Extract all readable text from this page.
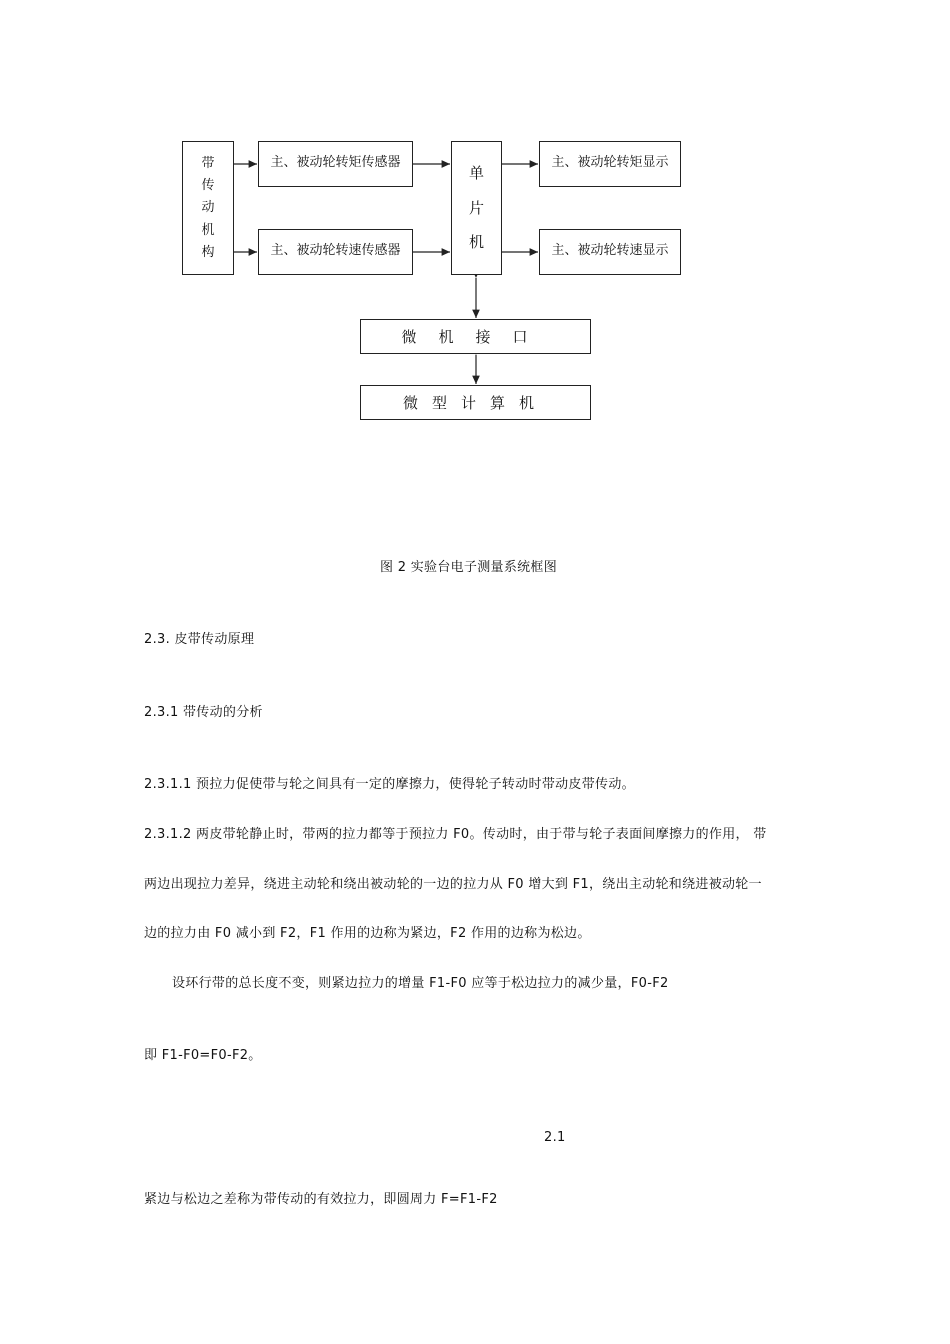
带
传
动
机
构
主、被动轮转矩传感器
主、被动轮转速传感器
单
片
机
主、被动轮转矩显示
主、被动轮转速显示
微机接口
微型计算机
图 2 实验台电子测量系统框图
2.3. 皮带传动原理
2.3.1 带传动的分析
2.3.1.1 预拉力促使带与轮之间具有一定的摩擦力，使得轮子转动时带动皮带传动。
2.3.1.2 两皮带轮静止时，带两的拉力都等于预拉力 F0。传动时，由于带与轮子表面间摩擦力的作用， 带
两边出现拉力差异，绕进主动轮和绕出被动轮的一边的拉力从 F0 增大到 F1，绕出主动轮和绕进被动轮一
边的拉力由 F0 减小到 F2，F1 作用的边称为紧边，F2 作用的边称为松边。
设环行带的总长度不变，则紧边拉力的增量 F1-F0 应等于松边拉力的减少量，F0-F2
即 F1-F0=F0-F2。
2.1
紧边与松边之差称为带传动的有效拉力，即圆周力 F=F1-F2
